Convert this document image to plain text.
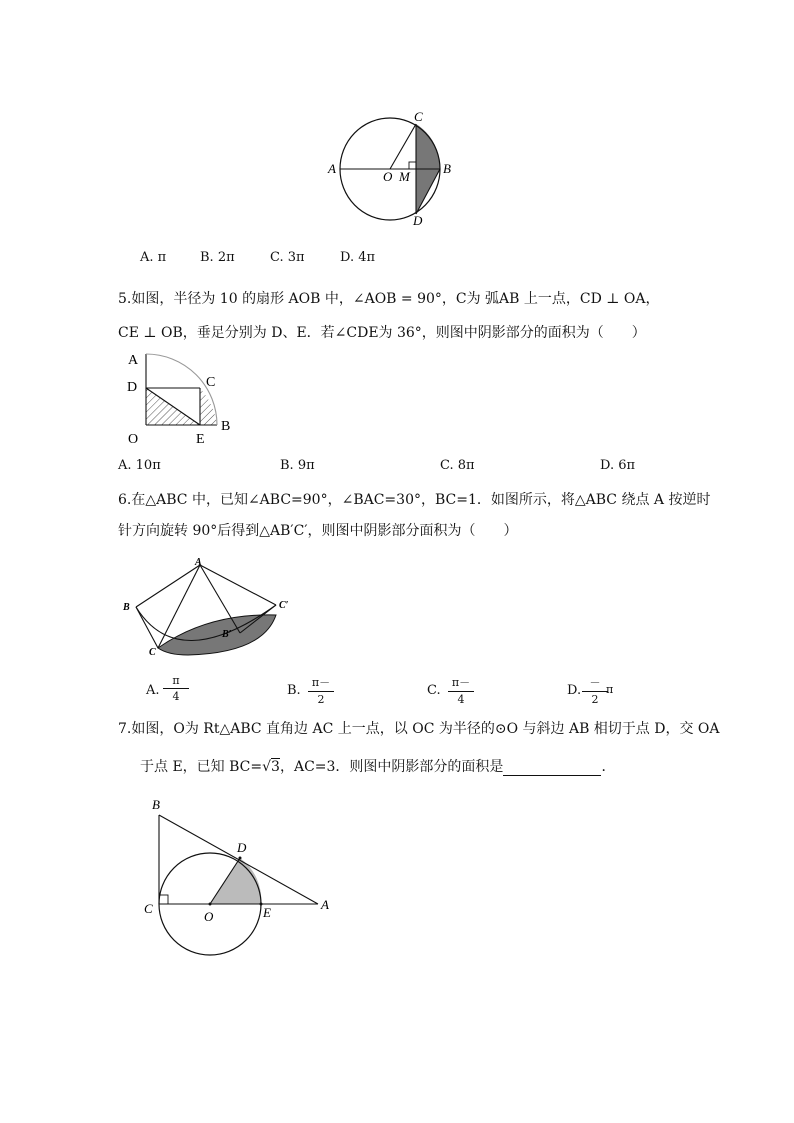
A
O M
B
C
D
A. π	B. 2π	C. 3π	D. 4π
5.如图，半径为 10 的扇形 AOB 中，∠AOB = 90°，C为 弧AB 上一点，CD ⊥ OA，
CE ⊥ OB，垂足分别为 D、E．若∠CDE为 36°，则图中阴影部分的面积为（　　）
A
D	C
O	E
B
A. 10π	B. 9π	C. 8π	D. 6π
6.在△ABC 中，已知∠ABC=90°，∠BAC=30°，BC=1．如图所示，将△ABC 绕点 A 按逆时
针方向旋转 90°后得到△AB′C′，则图中阴影部分面积为（　　）
A
B
C
B′
C′
A. $\frac{\pi}{4}$	B. $\frac{\pi-}{2}$	C. $\frac{\pi-}{4}$	D.
－
2
π
7.如图，O为 Rt△ABC 直角边 AC 上一点，以 OC 为半径的⊙O 与斜边 AB 相切于点 D，交 OA
于点 E，已知 BC=√3，AC=3．则图中阴影部分的面积是	．
B
D
C
O	E
A
